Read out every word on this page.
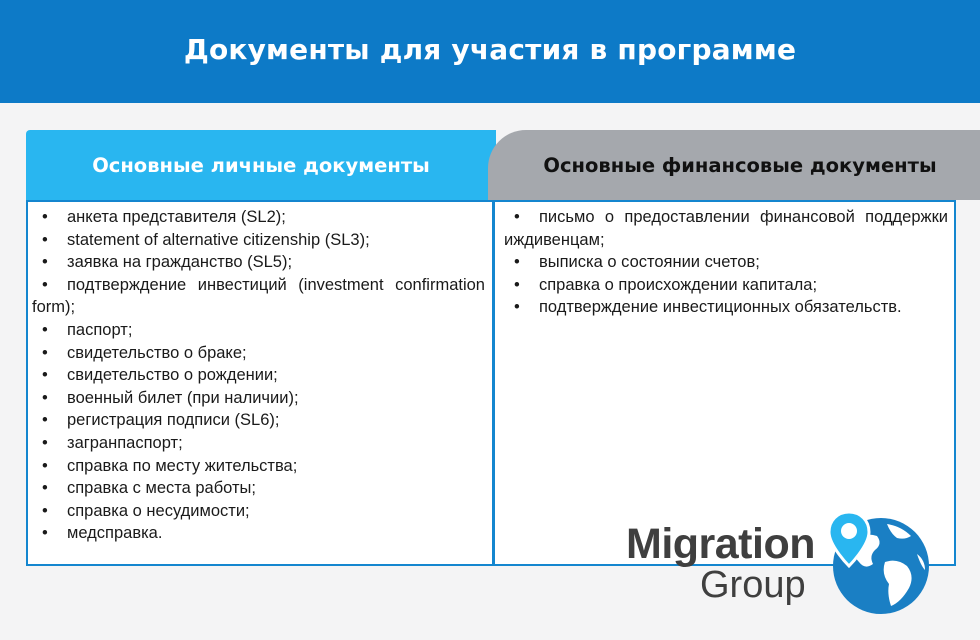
Документы для участия в программе
Основные личные документы	Основные финансовые документы
• анкета представителя (SL2);
• statement of alternative citizenship (SL3);
• заявка на гражданство (SL5);
• подтверждение инвестиций (investment confirmation form);
• паспорт;
• свидетельство о браке;
• свидетельство о рождении;
• военный билет (при наличии);
• регистрация подписи (SL6);
• загранпаспорт;
• справка по месту жительства;
• справка с места работы;
• справка о несудимости;
• медсправка.
• письмо о предоставлении финансовой поддержки иждивенцам;
• выписка о состоянии счетов;
• справка о происхождении капитала;
• подтверждение инвестиционных обязательств.
Migration
Group
